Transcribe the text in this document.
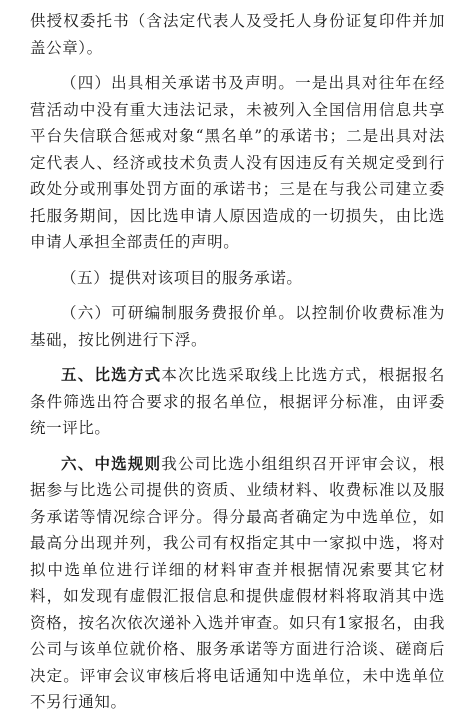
供授权委托书（含法定代表人及受托人身份证复印件并加盖公章）。

（四）出具相关承诺书及声明。一是出具对往年在经营活动中没有重大违法记录，未被列入全国信用信息共享平台失信联合惩戒对象“黑名单”的承诺书；二是出具对法定代表人、经济或技术负责人没有因违反有关规定受到行政处分或刑事处罚方面的承诺书；三是在与我公司建立委托服务期间，因比选申请人原因造成的一切损失，由比选申请人承担全部责任的声明。

（五）提供对该项目的服务承诺。

（六）可研编制服务费报价单。以控制价收费标准为基础，按比例进行下浮。

五、比选方式本次比选采取线上比选方式，根据报名条件筛选出符合要求的报名单位，根据评分标准，由评委统一评比。

六、中选规则我公司比选小组组织召开评审会议，根据参与比选公司提供的资质、业绩材料、收费标准以及服务承诺等情况综合评分。得分最高者确定为中选单位，如最高分出现并列，我公司有权指定其中一家拟中选，将对拟中选单位进行详细的材料审查并根据情况索要其它材料，如发现有虚假汇报信息和提供虚假材料将取消其中选资格，按名次依次递补入选并审查。如只有1家报名，由我公司与该单位就价格、服务承诺等方面进行洽谈、磋商后决定。评审会议审核后将电话通知中选单位，未中选单位不另行通知。
